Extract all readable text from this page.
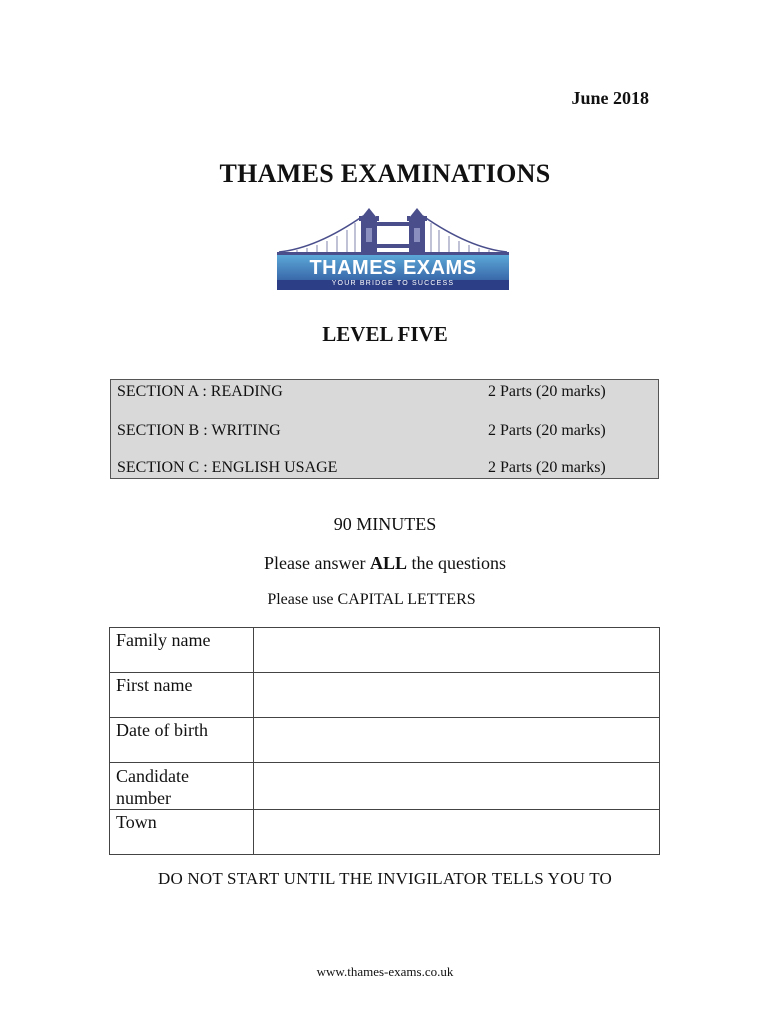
June 2018
THAMES EXAMINATIONS
THAMES EXAMS
YOUR BRIDGE TO SUCCESS
LEVEL FIVE
SECTION A : READING	2 Parts (20 marks)
SECTION B : WRITING	2 Parts (20 marks)
SECTION C : ENGLISH USAGE	2 Parts (20 marks)
90 MINUTES
Please answer ALL the questions
Please use CAPITAL LETTERS
Family name	
First name	
Date of birth	
Candidate number	
Town	
DO NOT START UNTIL THE INVIGILATOR TELLS YOU TO
www.thames-exams.co.uk
